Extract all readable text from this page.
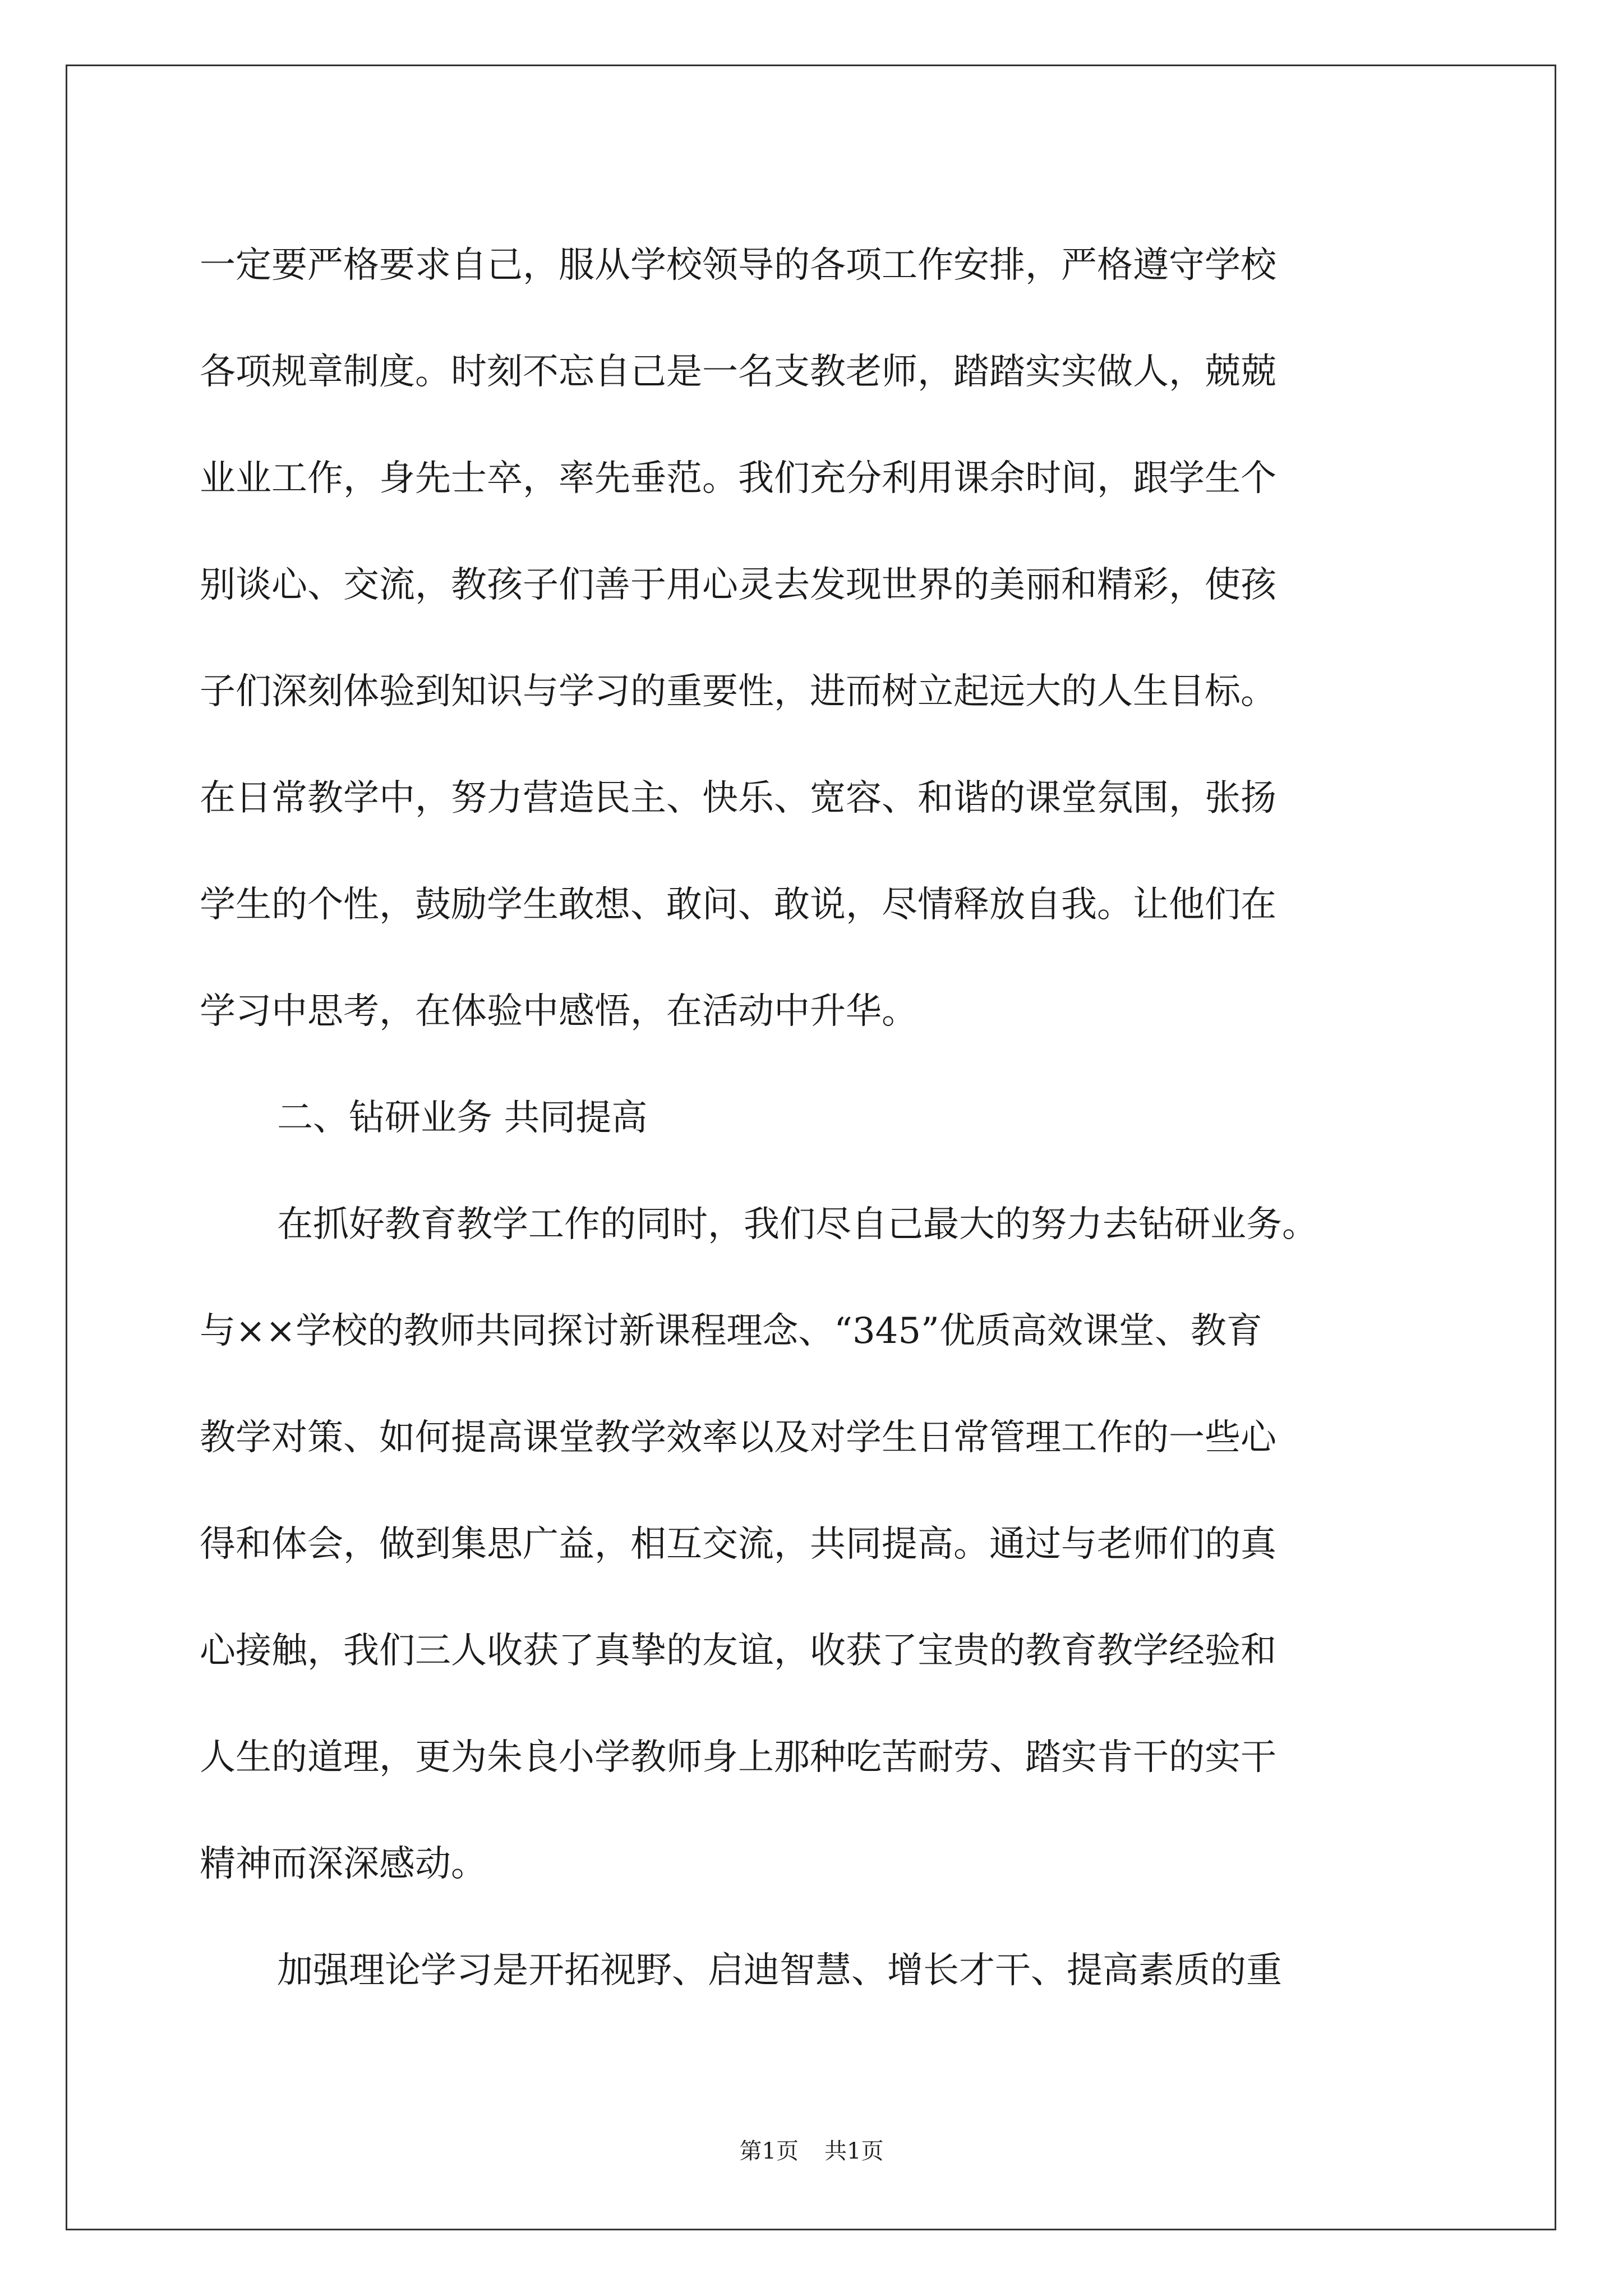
一定要严格要求自己，服从学校领导的各项工作安排，严格遵守学校
各项规章制度。时刻不忘自己是一名支教老师，踏踏实实做人，兢兢
业业工作，身先士卒，率先垂范。我们充分利用课余时间，跟学生个
别谈心、交流，教孩子们善于用心灵去发现世界的美丽和精彩，使孩
子们深刻体验到知识与学习的重要性，进而树立起远大的人生目标。
在日常教学中，努力营造民主、快乐、宽容、和谐的课堂氛围，张扬
学生的个性，鼓励学生敢想、敢问、敢说，尽情释放自我。让他们在
学习中思考，在体验中感悟，在活动中升华。
二、钻研业务 共同提高
在抓好教育教学工作的同时，我们尽自己最大的努力去钻研业务。
与××学校的教师共同探讨新课程理念、“345”优质高效课堂、教育
教学对策、如何提高课堂教学效率以及对学生日常管理工作的一些心
得和体会，做到集思广益，相互交流，共同提高。通过与老师们的真
心接触，我们三人收获了真挚的友谊，收获了宝贵的教育教学经验和
人生的道理，更为朱良小学教师身上那种吃苦耐劳、踏实肯干的实干
精神而深深感动。
加强理论学习是开拓视野、启迪智慧、增长才干、提高素质的重
第1页 共1页
